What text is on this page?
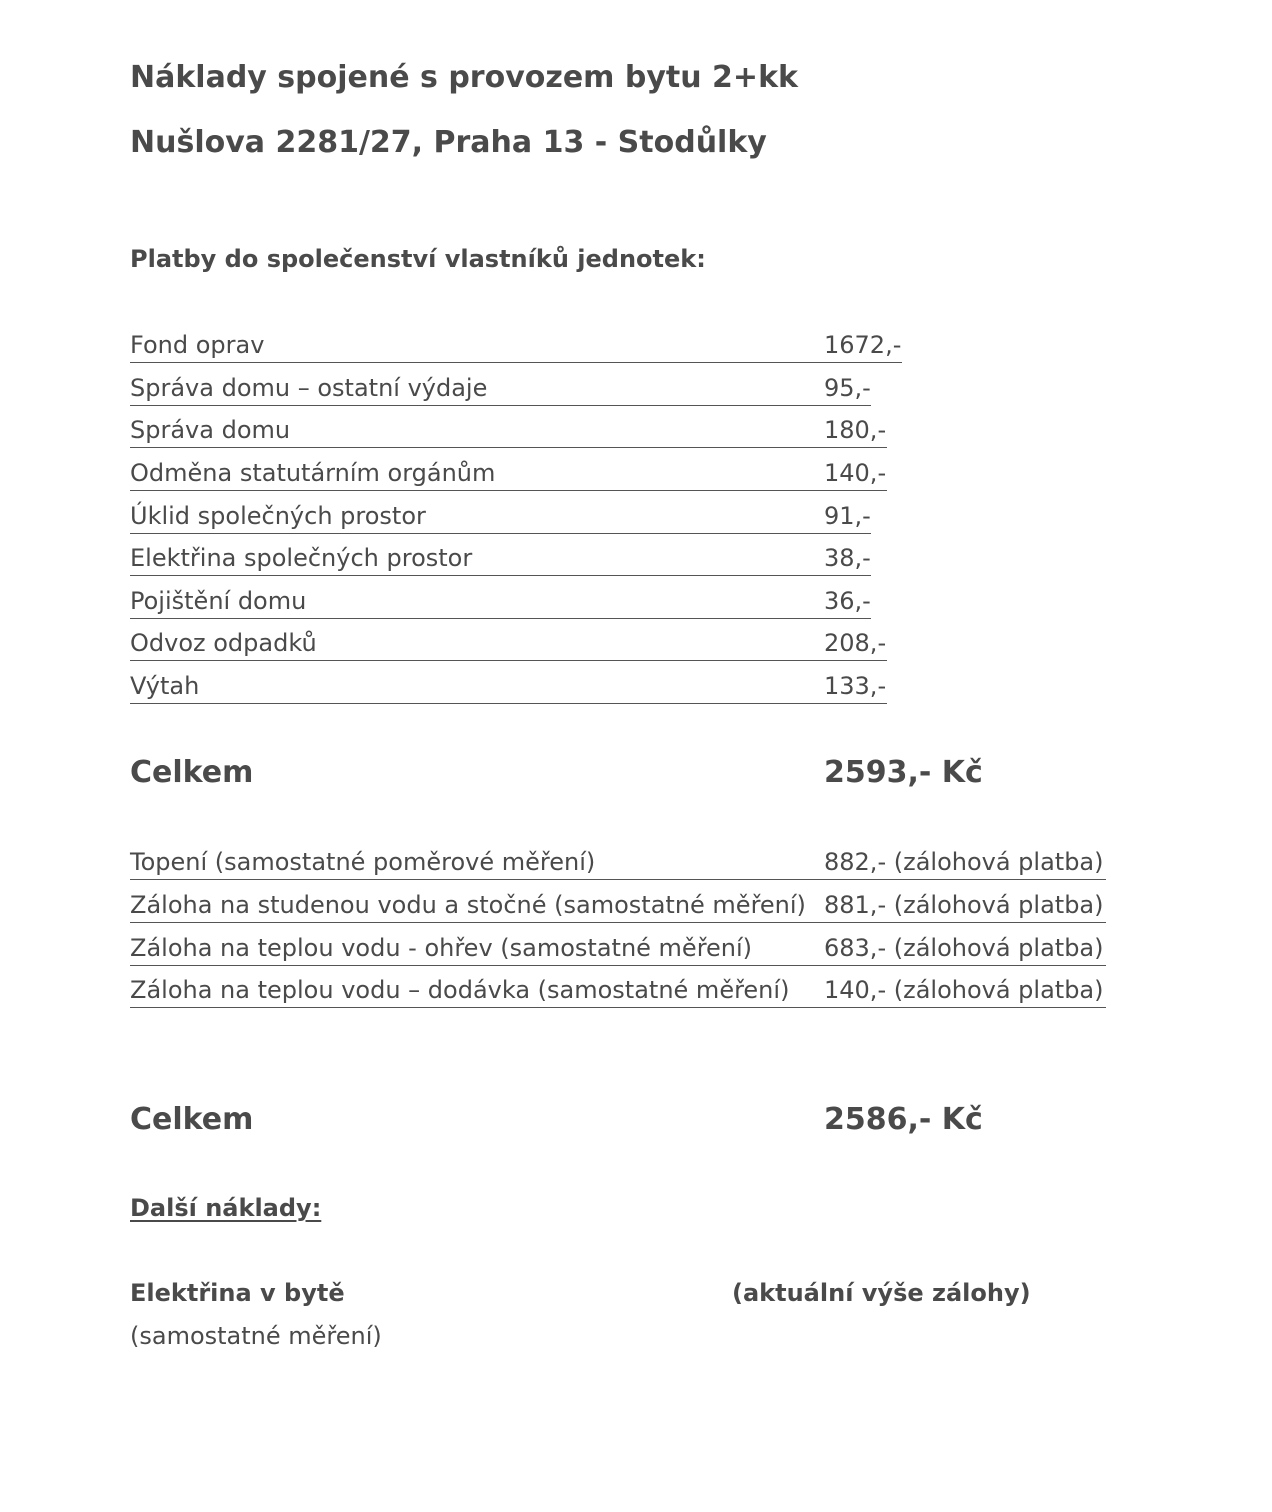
Náklady spojené s provozem bytu 2+kk
Nušlova 2281/27, Praha 13 - Stodůlky
Platby do společenství vlastníků jednotek:
Fond oprav	1672,-
Správa domu – ostatní výdaje	95,-
Správa domu	180,-
Odměna statutárním orgánům	140,-
Úklid společných prostor	91,-
Elektřina společných prostor	38,-
Pojištění domu	36,-
Odvoz odpadků	208,-
Výtah	133,-
Celkem	2593,- Kč
Topení (samostatné poměrové měření)	882,- (zálohová platba)
Záloha na studenou vodu a stočné (samostatné měření) 881,- (zálohová platba)
Záloha na teplou vodu - ohřev (samostatné měření)	683,- (zálohová platba)
Záloha na teplou vodu – dodávka (samostatné měření) 140,- (zálohová platba)
Celkem	2586,- Kč
Další náklady:
Elektřina v bytě	(aktuální výše zálohy)
(samostatné měření)
